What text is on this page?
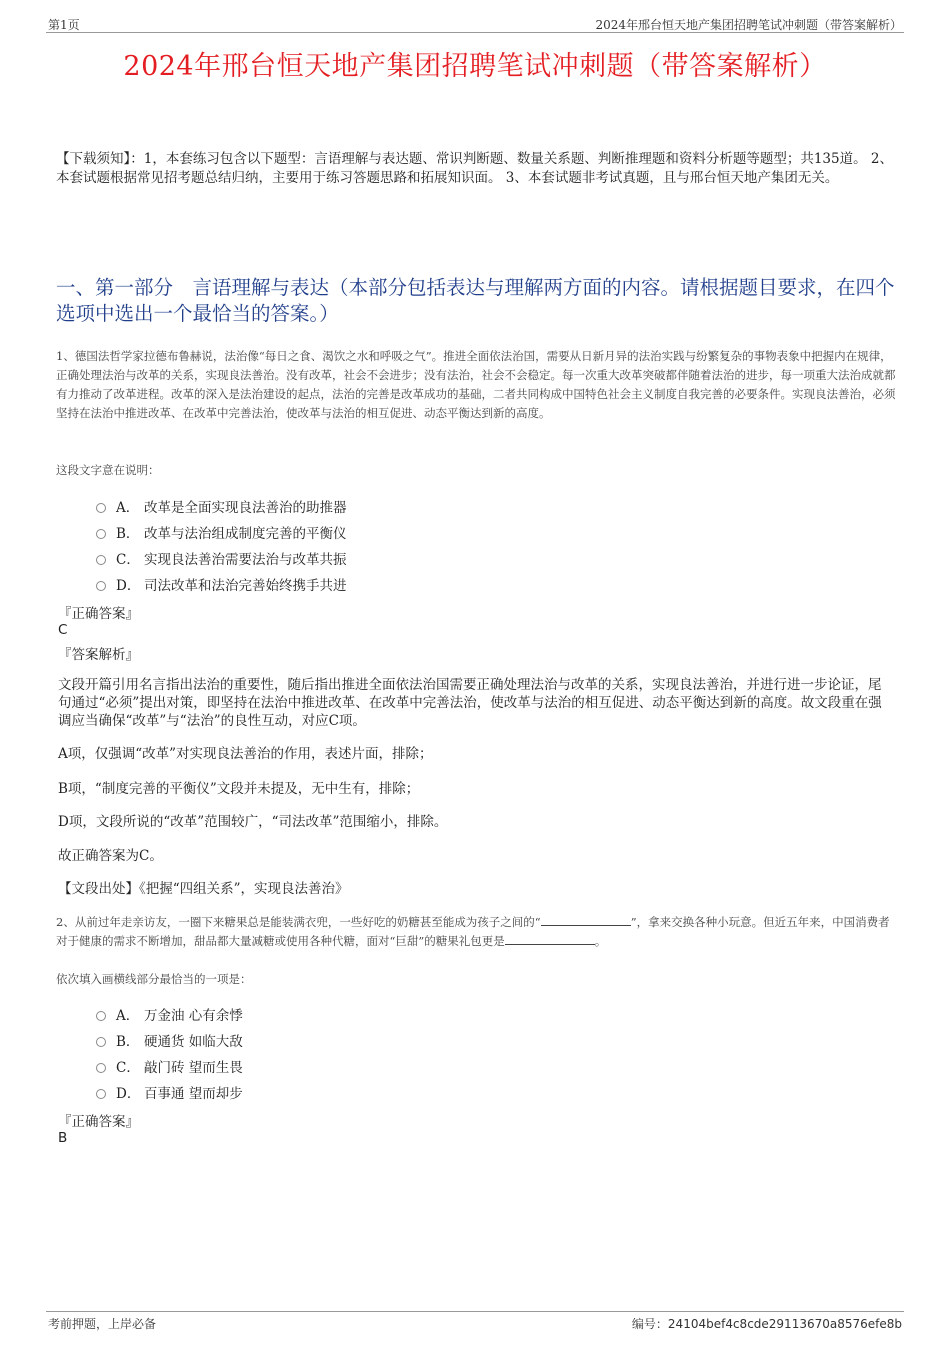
第1页	2024年邢台恒天地产集团招聘笔试冲刺题（带答案解析）
2024年邢台恒天地产集团招聘笔试冲刺题（带答案解析）
【下载须知】：1，本套练习包含以下题型：言语理解与表达题、常识判断题、数量关系题、判断推理题和资料分析题等题型；共135道。 2、本套试题根据常见招考题总结归纳，主要用于练习答题思路和拓展知识面。 3、本套试题非考试真题，且与邢台恒天地产集团无关。
一、第一部分　言语理解与表达（本部分包括表达与理解两方面的内容。请根据题目要求，在四个选项中选出一个最恰当的答案。）
1、德国法哲学家拉德布鲁赫说，法治像“每日之食、渴饮之水和呼吸之气”。推进全面依法治国，需要从日新月异的法治实践与纷繁复杂的事物表象中把握内在规律，正确处理法治与改革的关系，实现良法善治。没有改革，社会不会进步；没有法治，社会不会稳定。每一次重大改革突破都伴随着法治的进步，每一项重大法治成就都有力推动了改革进程。改革的深入是法治建设的起点，法治的完善是改革成功的基础，二者共同构成中国特色社会主义制度自我完善的必要条件。实现良法善治，必须坚持在法治中推进改革、在改革中完善法治，使改革与法治的相互促进、动态平衡达到新的高度。
这段文字意在说明：
A． 改革是全面实现良法善治的助推器
B． 改革与法治组成制度完善的平衡仪
C． 实现良法善治需要法治与改革共振
D． 司法改革和法治完善始终携手共进
『正确答案』
C
『答案解析』
文段开篇引用名言指出法治的重要性，随后指出推进全面依法治国需要正确处理法治与改革的关系，实现良法善治，并进行进一步论证，尾句通过“必须”提出对策，即坚持在法治中推进改革、在改革中完善法治，使改革与法治的相互促进、动态平衡达到新的高度。故文段重在强调应当确保“改革”与“法治”的良性互动，对应C项。
A项，仅强调“改革”对实现良法善治的作用，表述片面，排除；
B项，“制度完善的平衡仪”文段并未提及，无中生有，排除；
D项，文段所说的“改革”范围较广，“司法改革”范围缩小，排除。
故正确答案为C。
【文段出处】《把握“四组关系”，实现良法善治》
2、从前过年走亲访友，一圈下来糖果总是能装满衣兜，一些好吃的奶糖甚至能成为孩子之间的“	”，拿来交换各种小玩意。但近五年来，中国消费者对于健康的需求不断增加，甜品都大量减糖或使用各种代糖，面对“巨甜”的糖果礼包更是	。
依次填入画横线部分最恰当的一项是：
A． 万金油 心有余悸
B． 硬通货 如临大敌
C． 敲门砖 望而生畏
D． 百事通 望而却步
『正确答案』
B
考前押题，上岸必备	编号：24104bef4c8cde29113670a8576efe8b
